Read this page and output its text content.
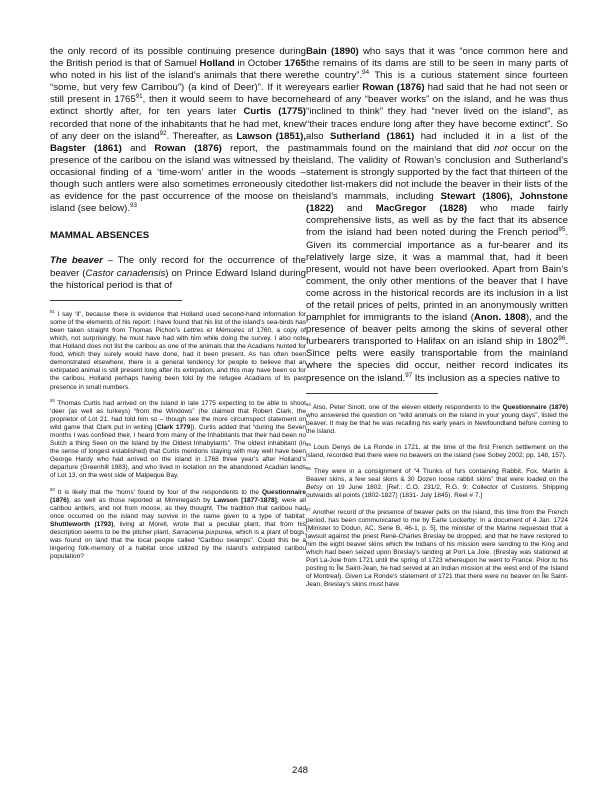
the only record of its possible continuing presence during the British period is that of Samuel Holland in October 1765 who noted in his list of the island’s animals that there were “some, but very few Carribou”) (a kind of Deer)”. If it were still present in 1765$^{91}$, then it would seem to have become extinct shortly after, for ten years later Curtis (1775) recorded that none of the inhabitants that he had met, knew of any deer on the island$^{92}$. Thereafter, as Lawson (1851), Bagster (1861) and Rowan (1876) report, the past presence of the caribou on the island was witnessed by the occasional finding of a ‘time-worn’ antler in the woods – though such antlers were also sometimes erroneously cited as evidence for the past occurrence of the moose on the island (see below).$^{93}$

MAMMAL ABSENCES

The beaver – The only record for the occurrence of the beaver (Castor canadensis) on Prince Edward Island during the historical period is that of

$^{91}$ I say ‘if’, because there is evidence that Holland used second-hand information for some of the elements of his report: I have found that his list of the island’s sea-birds has been taken straight from Thomas Pichon’s Lettres et Mémoires of 1760, a copy of which, not surprisingly, he must have had with him while doing the survey. I also note that Holland does not list the caribou as one of the animals that the Acadians hunted for food, which they surely would have done, had it been present. As has often been demonstrated elsewhere, there is a general tendency for people to believe that an extirpated animal is still present long after its extirpation, and this may have been so for the caribou, Holland perhaps having been told by the refugee Acadians of its past presence in small numbers.

$^{92}$ Thomas Curtis had arrived on the island in late 1775 expecting to be able to shoot ‘deer (as well as turkeys) “from the Windows” (he claimed that Robert Clark, the proprietor of Lot 21, had told him so – though see the more circumspect statement on wild game that Clark put in writing [Clark 1779]). Curtis added that “during the Seven months I was confined their, I heard from many of the Inhabitants that their had been no Sutch a thing Seen on the Island by the Oldest Inhabytants”. The oldest inhabitant (in the sense of longest established) that Curtis mentions staying with may well have been George Hardy who had arrived on the island in 1768 three year’s after Holland’s departure (Greenhill 1983), and who lived in isolation on the abandoned Acadian lands of Lot 13, on the west side of Malpeque Bay.

$^{93}$ It is likely that the ‘horns’ found by four of the respondents to the Questionnaire (1876), as well as those reported at Miminegash by Lawson [1877-1878], were all caribou antlers, and not from moose, as they thought. The tradition that caribou had once occurred on the island may survive in the name given to a type of habitat: Shuttleworth (1793), living at Morell, wrote that a peculiar plant, that from his description seems to be the pitcher plant, Sarracenia purpurea, which is a plant of bogs, was found on land that the local people called “Caribou swamps”. Could this be a lingering folk-memory of a habitat once utilized by the island’s extirpated caribou population?

Bain (1890) who says that it was “once common here and the remains of its dams are still to be seen in many parts of the country”.$^{94}$ This is a curious statement since fourteen years earlier Rowan (1876) had said that he had not seen or heard of any “beaver works” on the island, and he was thus “inclined to think” they had “never lived on the island”, as “their traces endure long after they have become extinct”. So also Sutherland (1861) had included it in a list of the mammals found on the mainland that did not occur on the island. The validity of Rowan’s conclusion and Sutherland’s statement is strongly supported by the fact that thirteen of the other list-makers did not include the beaver in their lists of the island’s mammals, including Stewart (1806), Johnstone (1822) and MacGregor (1828) who made fairly comprehensive lists, as well as by the fact that its absence from the island had been noted during the French period$^{95}$. Given its commercial importance as a fur-bearer and its relatively large size, it was a mammal that, had it been present, would not have been overlooked. Apart from Bain’s comment, the only other mentions of the beaver that I have come across in the historical records are its inclusion in a list of the retail prices of pelts, printed in an anonymously written pamphlet for immigrants to the island (Anon. 1808), and the presence of beaver pelts among the skins of several other furbearers transported to Halifax on an island ship in 1802$^{96}$. Since pelts were easily transportable from the mainland where the species did occur, neither record indicates its presence on the island.$^{97}$ Its inclusion as a species native to

$^{94}$ Also, Peter Sinott, one of the eleven elderly respondents to the Questionnaire (1876) who answered the question on “wild animals on the island in your young days”, listed the beaver. It may be that he was recalling his early years in Newfoundland before coming to the island.

$^{95}$ Louis Denys de La Ronde in 1721, at the time of the first French settlement on the island, recorded that there were no beavers on the island (see Sobey 2002; pp. 148, 157).

$^{96}$ They were in a consignment of “4 Trunks of furs containing Rabbit, Fox, Martin & Beaver skins, a few seal skins & 30 Dozen loose rabbit skins” that were loaded on the Betsy on 19 June 1802. [Ref.: C.O. 231/2, R.G. 9: Collector of Customs. Shipping outwards all points (1802-1827) (1831- July 1845). Reel # 7.]

$^{97}$ Another record of the presence of beaver pelts on the island, this time from the French period, has been communicated to me by Earle Lockerby: In a document of 4 Jan. 1724 [Minister to Dodun, AC, Serie B, 46-1, p. 5], the minister of the Marine requested that a lawsuit against the priest René-Charles Breslay be dropped, and that he have restored to him the eight beaver skins which the Indians of his mission were sending to the King and which had been seized upon Breslay’s landing at Port La Joie. (Breslay was stationed at Port La-Joie from 1721 until the spring of 1723 whereupon he went to France. Prior to his posting to Île Saint-Jean, he had served at an Indian mission at the west end of the Island of Montreal). Given La Ronde’s statement of 1721 that there were no beaver on Île Saint-Jean, Breslay’s skins must have

248
